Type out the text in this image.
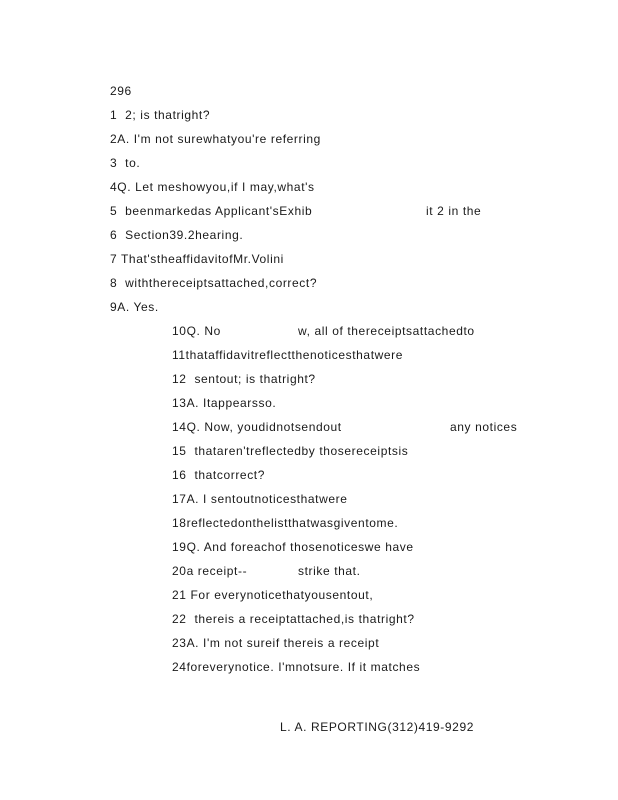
296
1 2; is thatright?
2A. I'm not surewhatyou're referring
3 to.
4Q. Let meshowyou,if I may,what's
5 beenmarkedas Applicant'sExhib	it 2 in the
6 Section39.2hearing.
7 That'stheaffidavitofMr.Volini
8 withthereceiptsattached,correct?
9A. Yes.
10Q. No	w, all of thereceiptsattachedto
11thataffidavitreflectthenoticesthatwere
12 sentout; is thatright?
13A. Itappearsso.
14Q. Now, youdidnotsendout	any notices
15 thataren'treflectedby thosereceiptsis
16 thatcorrect?
17A. I sentoutnoticesthatwere
18reflectedonthelistthatwasgiventome.
19Q. And foreachof thosenoticeswe have
20a receipt--	strike that.
21 For everynoticethatyousentout,
22 thereis a receiptattached,is thatright?
23A. I'm not sureif thereis a receipt
24foreverynotice. I'mnotsure. If it matches
L. A. REPORTING(312)419-9292
